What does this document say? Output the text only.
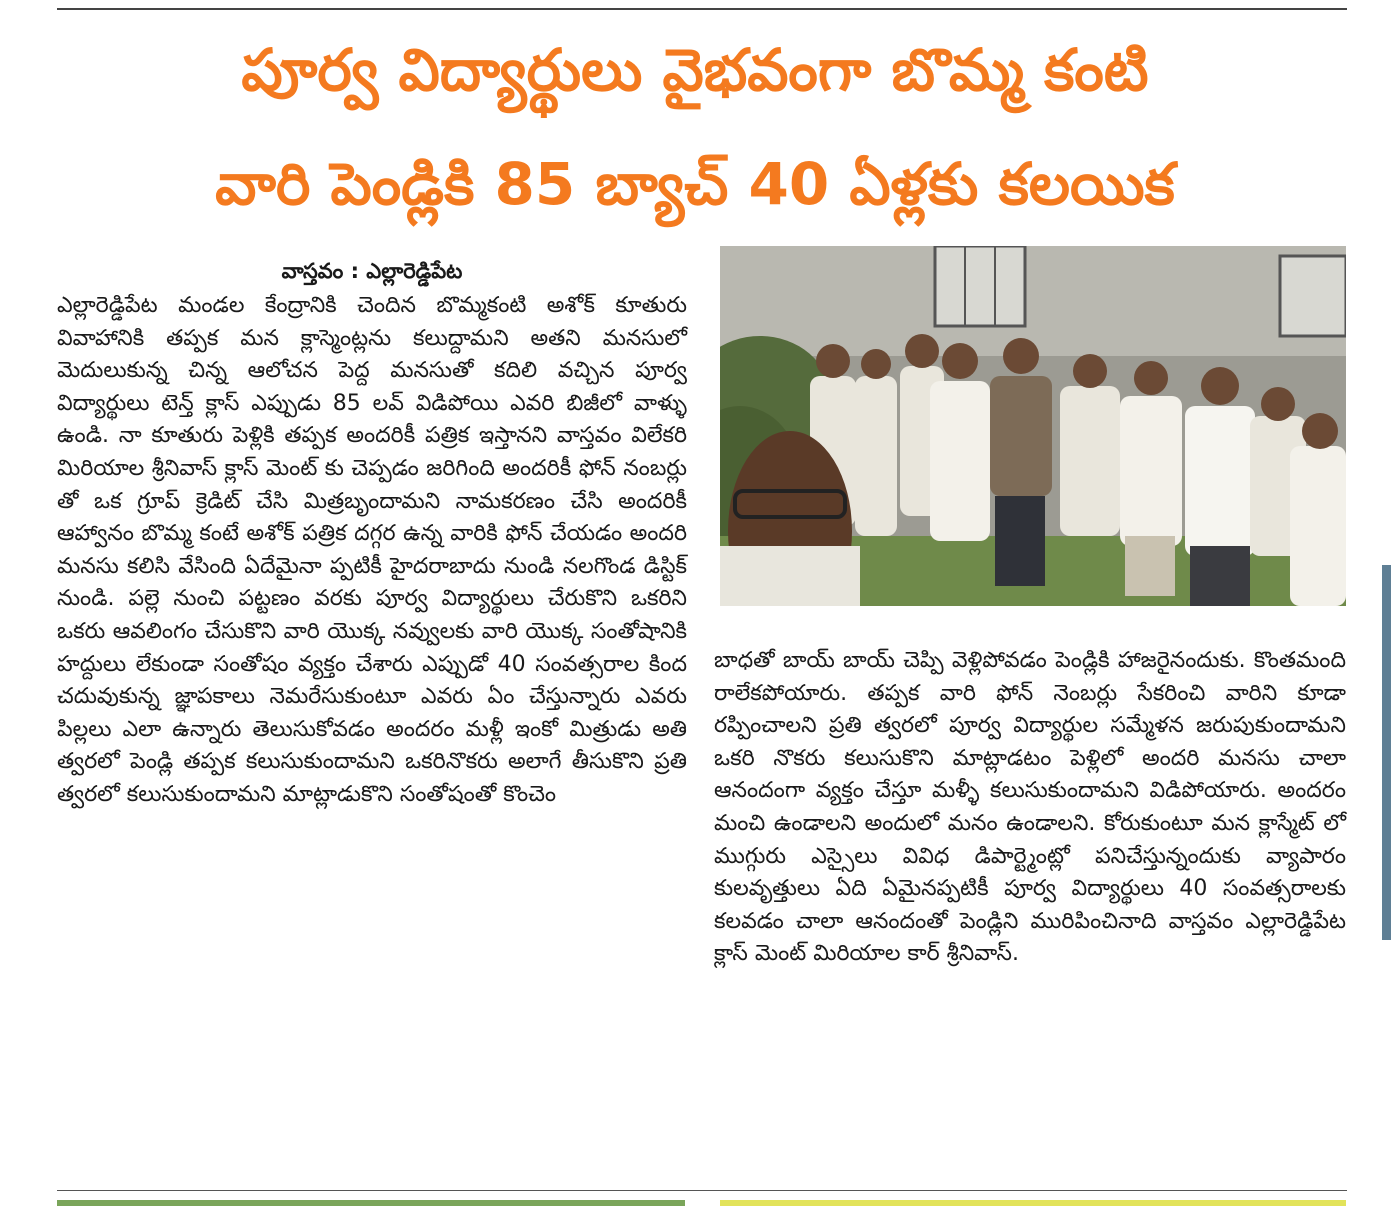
పూర్వ విద్యార్థులు వైభవంగా బొమ్మ కంటి
వారి పెండ్లికి 85 బ్యాచ్ 40 ఏళ్లకు కలయిక
వాస్తవం : ఎల్లారెడ్డిపేట

ఎల్లారెడ్డిపేట మండల కేంద్రానికి చెందిన బొమ్మకంటి అశోక్ కూతురు వివాహానికి తప్పక మన క్లాస్మెంట్లను కలుద్దామని అతని మనసులో మెదులుకున్న చిన్న ఆలోచన పెద్ద మనసుతో కదిలి వచ్చిన పూర్వ విద్యార్థులు టెన్త్ క్లాస్ ఎప్పుడు 85 లవ్ విడిపోయి ఎవరి బిజీలో వాళ్ళు ఉండి. నా కూతురు పెళ్లికి తప్పక అందరికీ పత్రిక ఇస్తానని వాస్తవం విలేకరి మిరియాల శ్రీనివాస్ క్లాస్ మెంట్ కు చెప్పడం జరిగింది అందరికీ ఫోన్ నంబర్లు తో ఒక గ్రూప్ క్రెడిట్ చేసి మిత్రబృందామని నామకరణం చేసి అందరికీ ఆహ్వానం బొమ్మ కంటే అశోక్ పత్రిక దగ్గర ఉన్న వారికి ఫోన్ చేయడం అందరి మనసు కలిసి వేసింది ఏదేమైనా ప్పటికీ హైదరాబాదు నుండి నలగొండ డిస్టిక్ నుండి. పల్లె నుంచి పట్టణం వరకు పూర్వ విద్యార్థులు చేరుకొని ఒకరిని ఒకరు ఆవలింగం చేసుకొని వారి యొక్క నవ్వులకు వారి యొక్క సంతోషానికి హద్దులు లేకుండా సంతోషం వ్యక్తం చేశారు ఎప్పుడో 40 సంవత్సరాల కింద చదువుకున్న జ్ఞాపకాలు నెమరేసుకుంటూ ఎవరు ఏం చేస్తున్నారు ఎవరు పిల్లలు ఎలా ఉన్నారు తెలుసుకోవడం అందరం మళ్లీ ఇంకో మిత్రుడు అతి త్వరలో పెండ్లి తప్పక కలుసుకుందామని ఒకరినొకరు అలాగే తీసుకొని ప్రతి త్వరలో కలుసుకుందామని మాట్లాడుకొని సంతోషంతో కొంచెం

బాధతో బాయ్ బాయ్ చెప్పి వెళ్లిపోవడం పెండ్లికి హాజరైనందుకు. కొంతమంది రాలేకపోయారు. తప్పక వారి ఫోన్ నెంబర్లు సేకరించి వారిని కూడా రప్పించాలని ప్రతి త్వరలో పూర్వ విద్యార్థుల సమ్మేళన జరుపుకుందామని ఒకరి నొకరు కలుసుకొని మాట్లాడటం పెళ్లిలో అందరి మనసు చాలా ఆనందంగా వ్యక్తం చేస్తూ మళ్ళీ కలుసుకుందామని విడిపోయారు. అందరం మంచి ఉండాలని అందులో మనం ఉండాలని. కోరుకుంటూ మన క్లాస్మేట్ లో ముగ్గురు ఎస్సైలు వివిధ డిపార్ట్మెంట్లో పనిచేస్తున్నందుకు వ్యాపారం కులవృత్తులు ఏది ఏమైనప్పటికీ పూర్వ విద్యార్థులు 40 సంవత్సరాలకు కలవడం చాలా ఆనందంతో పెండ్లిని మురిపించినాది వాస్తవం ఎల్లారెడ్డిపేట క్లాస్ మెంట్ మిరియాల కార్ శ్రీనివాస్.
